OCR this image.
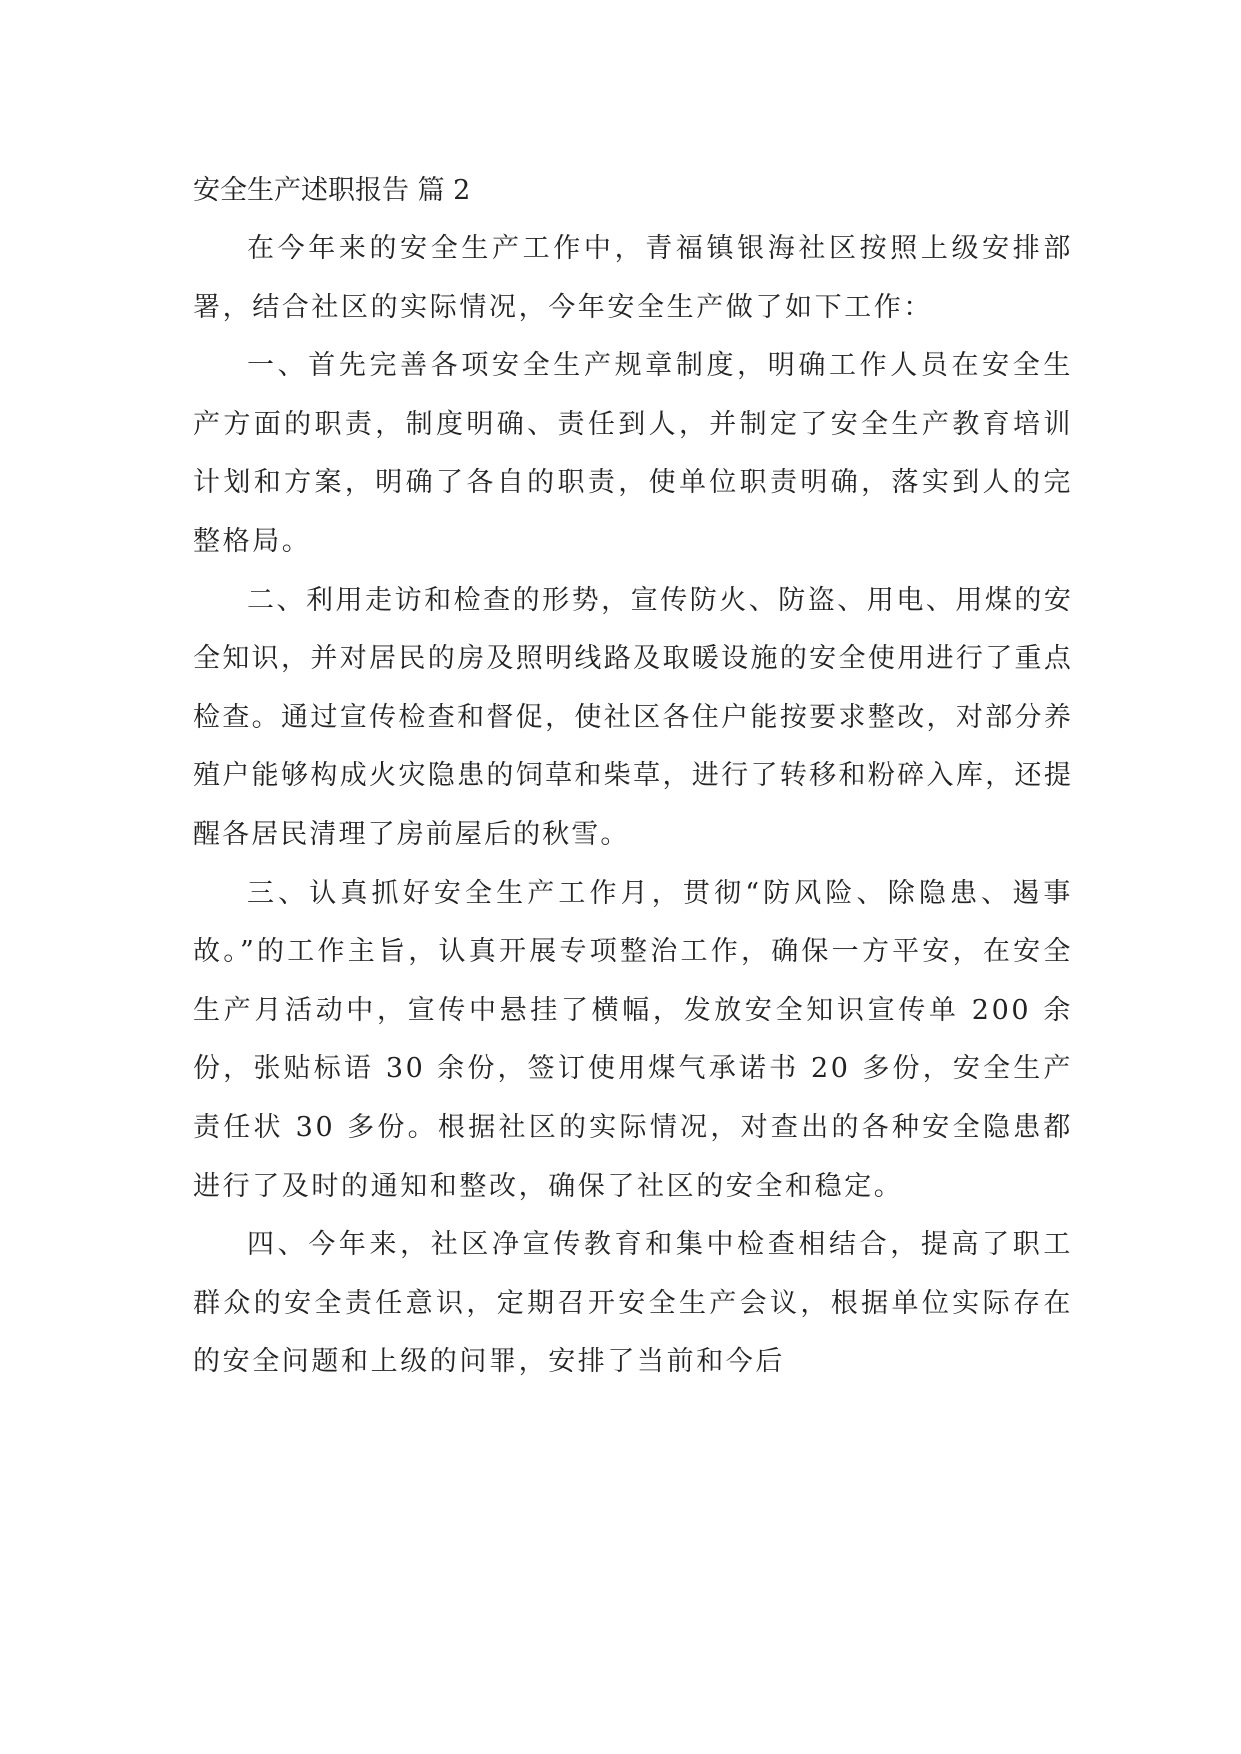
安全生产述职报告 篇 2

在今年来的安全生产工作中，青福镇银海社区按照上级安排部署，结合社区的实际情况，今年安全生产做了如下工作：

一、首先完善各项安全生产规章制度，明确工作人员在安全生产方面的职责，制度明确、责任到人，并制定了安全生产教育培训计划和方案，明确了各自的职责，使单位职责明确，落实到人的完整格局。

二、利用走访和检查的形势，宣传防火、防盗、用电、用煤的安全知识，并对居民的房及照明线路及取暖设施的安全使用进行了重点检查。通过宣传检查和督促，使社区各住户能按要求整改，对部分养殖户能够构成火灾隐患的饲草和柴草，进行了转移和粉碎入库，还提醒各居民清理了房前屋后的秋雪。

三、认真抓好安全生产工作月，贯彻“防风险、除隐患、遏事故。”的工作主旨，认真开展专项整治工作，确保一方平安，在安全生产月活动中，宣传中悬挂了横幅，发放安全知识宣传单 200 余份，张贴标语 30 余份，签订使用煤气承诺书 20 多份，安全生产责任状 30 多份。根据社区的实际情况，对查出的各种安全隐患都进行了及时的通知和整改，确保了社区的安全和稳定。

四、今年来，社区净宣传教育和集中检查相结合，提高了职工群众的安全责任意识，定期召开安全生产会议，根据单位实际存在的安全问题和上级的问罪，安排了当前和今后
